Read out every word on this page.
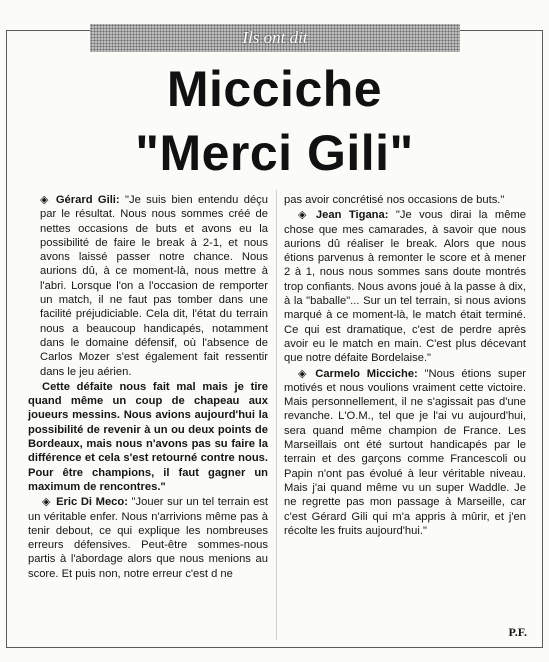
Ils ont dit
Micciche
"Merci Gili"

◈ Gérard Gili: "Je suis bien entendu déçu par le résultat. Nous nous sommes créé de nettes occasions de buts et avons eu la possibilité de faire le break à 2-1, et nous avons laissé passer notre chance. Nous aurions dû, à ce moment-là, nous mettre à l'abri. Lorsque l'on a l'occasion de remporter un match, il ne faut pas tomber dans une facilité préjudiciable. Cela dit, l'état du terrain nous a beaucoup handicapés, notamment dans le domaine défensif, où l'absence de Carlos Mozer s'est également fait ressentir dans le jeu aérien.

Cette défaite nous fait mal mais je tire quand même un coup de chapeau aux joueurs messins. Nous avions aujourd'hui la possibilité de revenir à un ou deux points de Bordeaux, mais nous n'avons pas su faire la différence et cela s'est retourné contre nous. Pour être champions, il faut gagner un maximum de rencontres."

◈ Eric Di Meco: "Jouer sur un tel terrain est un véritable enfer. Nous n'arrivions même pas à tenir debout, ce qui explique les nombreuses erreurs défensives. Peut-être sommes-nous partis à l'abordage alors que nous menions au score. Et puis non, notre erreur c'est d ne

pas avoir concrétisé nos occasions de buts."

◈ Jean Tigana: "Je vous dirai la même chose que mes camarades, à savoir que nous aurions dû réaliser le break. Alors que nous étions parvenus à remonter le score et à mener 2 à 1, nous nous sommes sans doute montrés trop confiants. Nous avons joué à la passe à dix, à la "baballe"... Sur un tel terrain, si nous avions marqué à ce moment-là, le match était terminé. Ce qui est dramatique, c'est de perdre après avoir eu le match en main. C'est plus décevant que notre défaite Bordelaise."

◈ Carmelo Micciche: "Nous étions super motivés et nous voulions vraiment cette victoire. Mais personnellement, il ne s'agissait pas d'une revanche. L'O.M., tel que je l'ai vu aujourd'hui, sera quand même champion de France. Les Marseillais ont été surtout handicapés par le terrain et des garçons comme Francescoli ou Papin n'ont pas évolué à leur véritable niveau. Mais j'ai quand même vu un super Waddle. Je ne regrette pas mon passage à Marseille, car c'est Gérard Gili qui m'a appris à mûrir, et j'en récolte les fruits aujourd'hui."

P.F.
